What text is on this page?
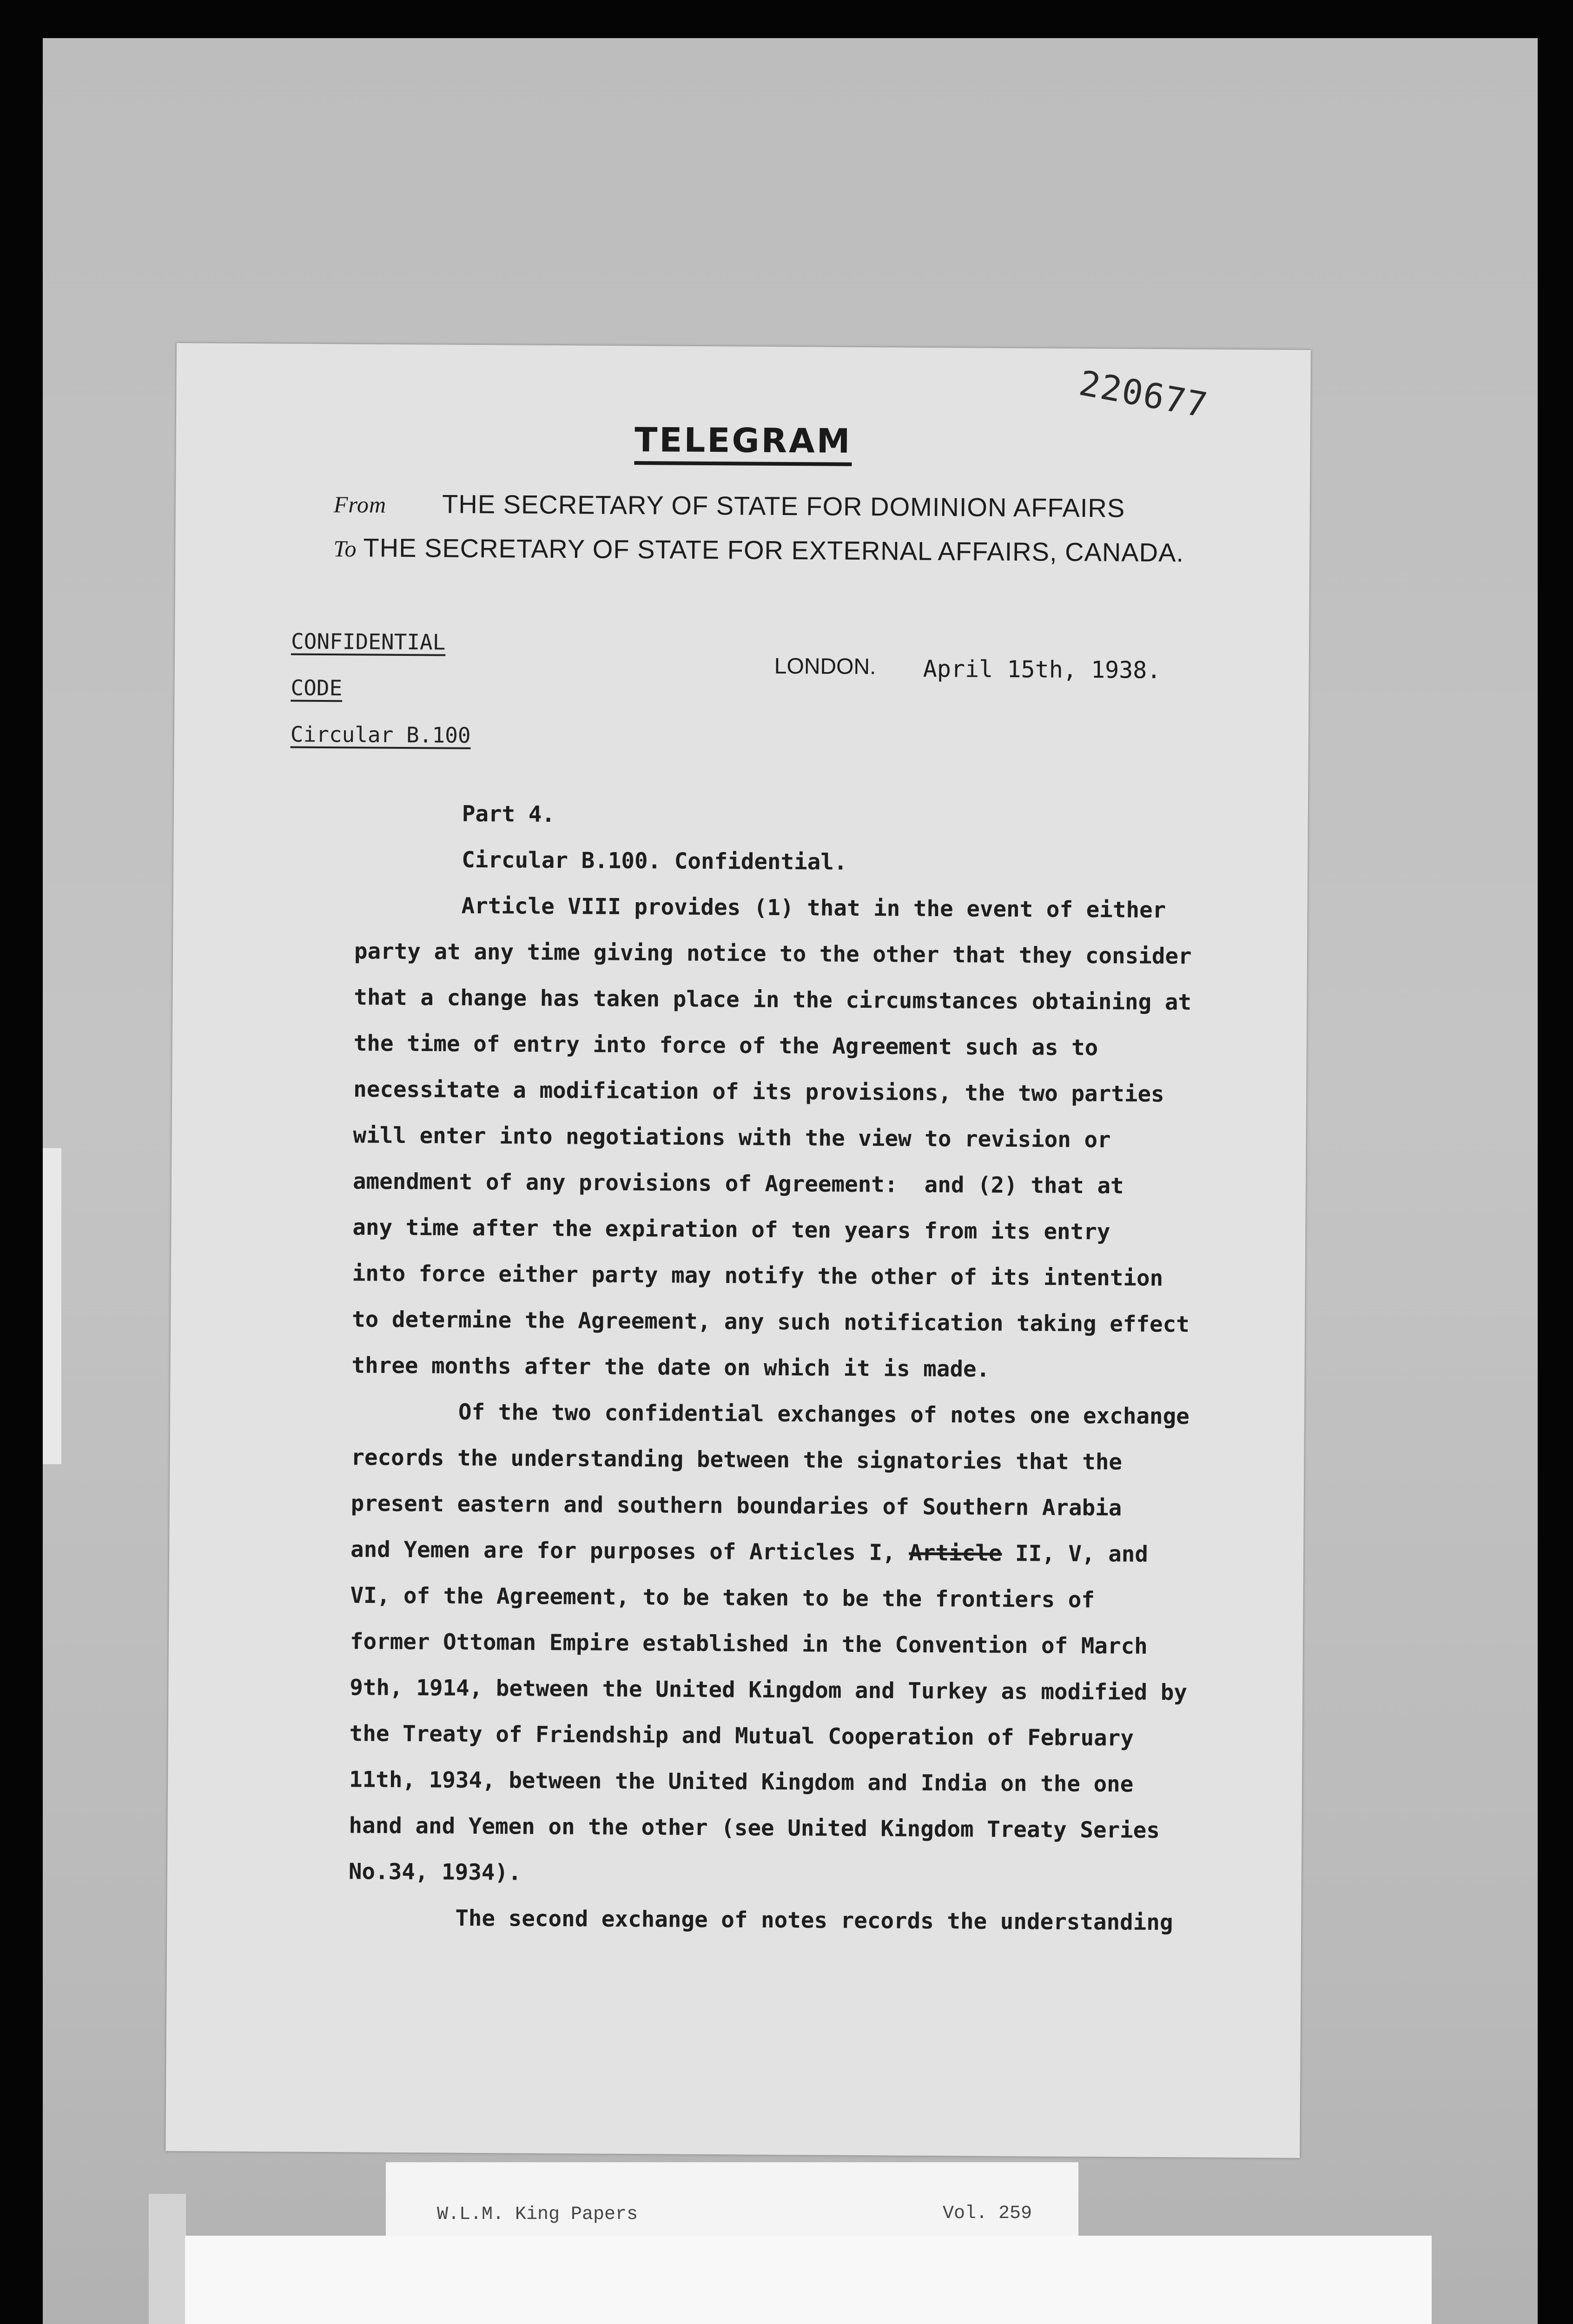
220677
TELEGRAM
From THE SECRETARY OF STATE FOR DOMINION AFFAIRS
To THE SECRETARY OF STATE FOR EXTERNAL AFFAIRS, CANADA.
CONFIDENTIAL
CODE
Circular B.100
LONDON. April 15th, 1938.
Part 4.
Circular B.100. Confidential.
Article VIII provides (1) that in the event of either
party at any time giving notice to the other that they consider
that a change has taken place in the circumstances obtaining at
the time of entry into force of the Agreement such as to
necessitate a modification of its provisions, the two parties
will enter into negotiations with the view to revision or
amendment of any provisions of Agreement:  and (2) that at
any time after the expiration of ten years from its entry
into force either party may notify the other of its intention
to determine the Agreement, any such notification taking effect
three months after the date on which it is made.
Of the two confidential exchanges of notes one exchange
records the understanding between the signatories that the
present eastern and southern boundaries of Southern Arabia
and Yemen are for purposes of Articles I, Article II, V, and
VI, of the Agreement, to be taken to be the frontiers of
former Ottoman Empire established in the Convention of March
9th, 1914, between the United Kingdom and Turkey as modified by
the Treaty of Friendship and Mutual Cooperation of February
11th, 1934, between the United Kingdom and India on the one
hand and Yemen on the other (see United Kingdom Treaty Series
No.34, 1934).
The second exchange of notes records the understanding
W.L.M. King Papers	Vol. 259
